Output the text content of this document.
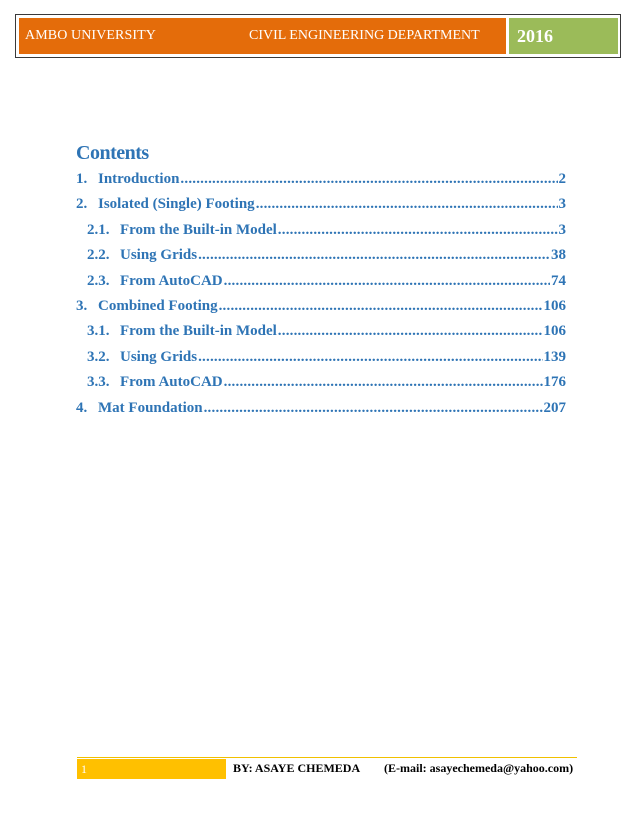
AMBO UNIVERSITY	CIVIL ENGINEERING DEPARTMENT	2016
Contents
1. Introduction .....	2
2. Isolated (Single) Footing .....	3
2.1. From the Built-in Model .....	3
2.2. Using Grids .....	38
2.3. From AutoCAD .....	74
3. Combined Footing .....	106
3.1. From the Built-in Model .....	106
3.2. Using Grids .....	139
3.3. From AutoCAD .....	176
4. Mat Foundation .....	207
1	BY: ASAYE CHEMEDA (E-mail: asayechemeda@yahoo.com)
